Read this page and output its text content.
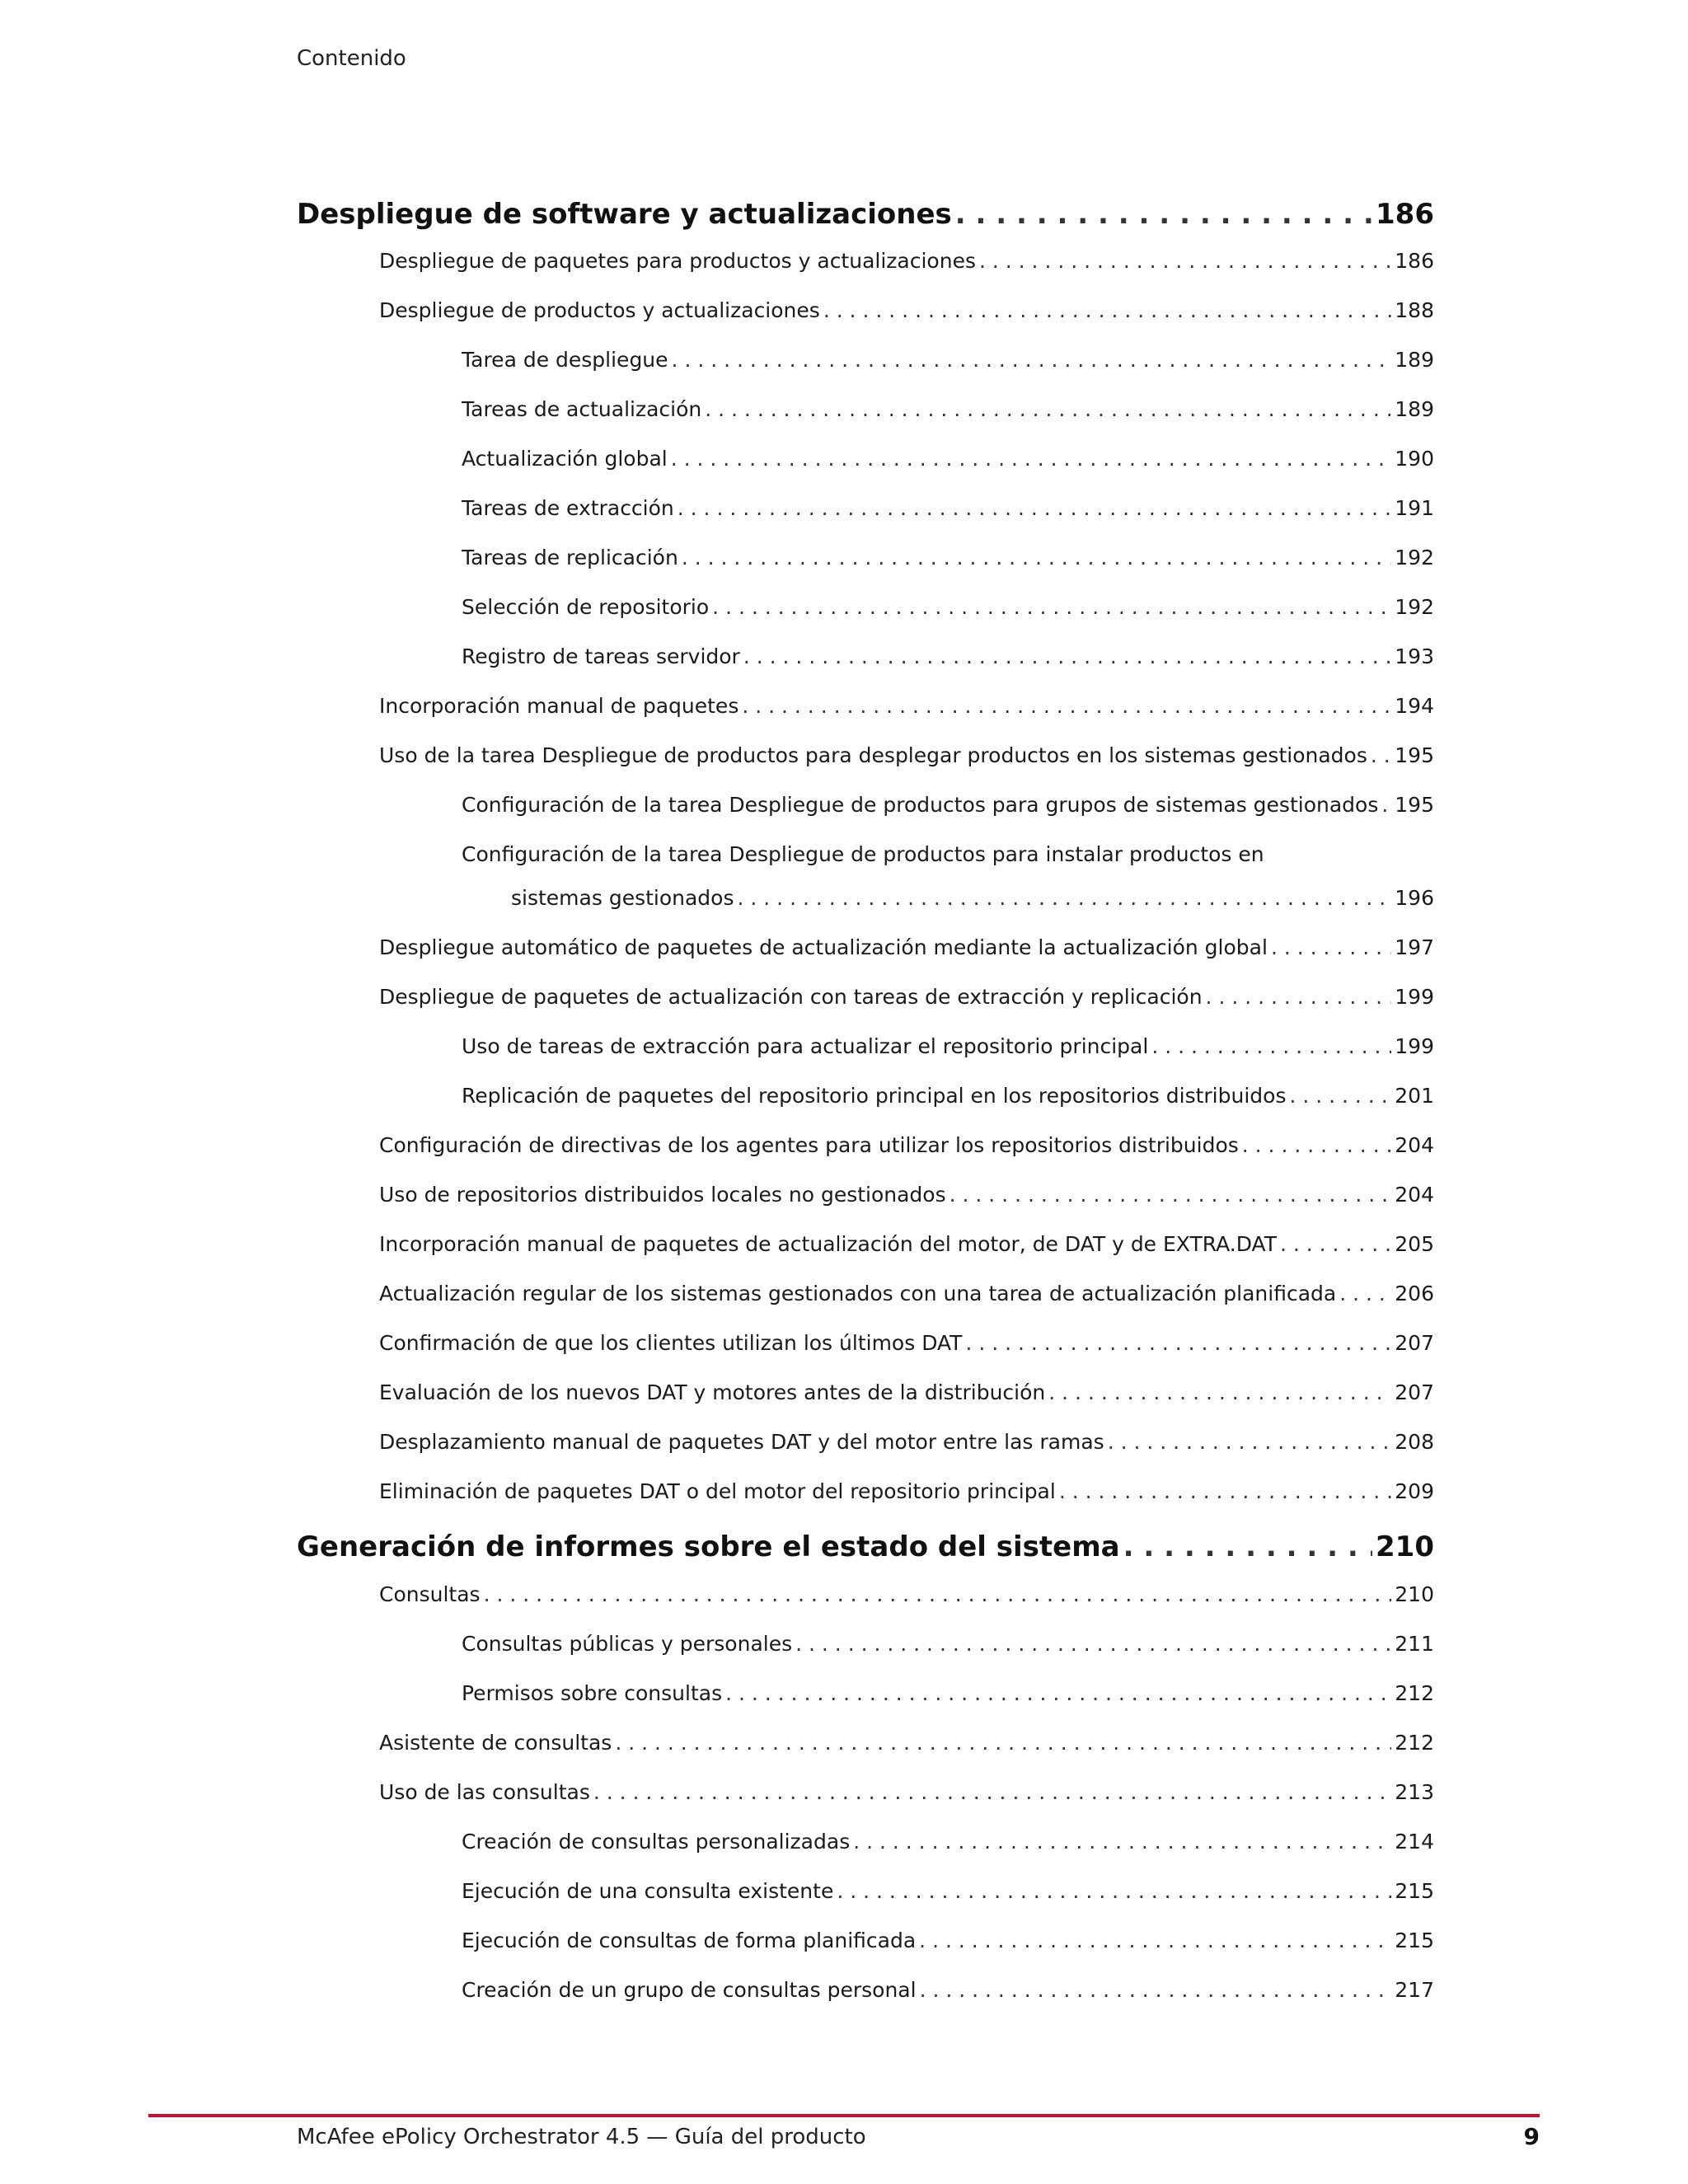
Contenido
Despliegue de software y actualizaciones . . .	186
Despliegue de paquetes para productos y actualizaciones . . .	186
Despliegue de productos y actualizaciones . . .	188
Tarea de despliegue . . .	189
Tareas de actualización . . .	189
Actualización global . . .	190
Tareas de extracción . . .	191
Tareas de replicación . . .	192
Selección de repositorio . . .	192
Registro de tareas servidor . . .	193
Incorporación manual de paquetes . . .	194
Uso de la tarea Despliegue de productos para desplegar productos en los sistemas gestionados . . . 195
Configuración de la tarea Despliegue de productos para grupos de sistemas gestionados . . . 195
Configuración de la tarea Despliegue de productos para instalar productos en
sistemas gestionados . . .	196
Despliegue automático de paquetes de actualización mediante la actualización global . . .	197
Despliegue de paquetes de actualización con tareas de extracción y replicación . . .	199
Uso de tareas de extracción para actualizar el repositorio principal . . .	199
Replicación de paquetes del repositorio principal en los repositorios distribuidos . . .	201
Configuración de directivas de los agentes para utilizar los repositorios distribuidos . . .	204
Uso de repositorios distribuidos locales no gestionados . . .	204
Incorporación manual de paquetes de actualización del motor, de DAT y de EXTRA.DAT . . .	205
Actualización regular de los sistemas gestionados con una tarea de actualización planificada . . .	206
Confirmación de que los clientes utilizan los últimos DAT . . .	207
Evaluación de los nuevos DAT y motores antes de la distribución . . .	207
Desplazamiento manual de paquetes DAT y del motor entre las ramas . . .	208
Eliminación de paquetes DAT o del motor del repositorio principal . . .	209
Generación de informes sobre el estado del sistema . . .	210
Consultas . . .	210
Consultas públicas y personales . . .	211
Permisos sobre consultas . . .	212
Asistente de consultas . . .	212
Uso de las consultas . . .	213
Creación de consultas personalizadas . . .	214
Ejecución de una consulta existente . . .	215
Ejecución de consultas de forma planificada . . .	215
Creación de un grupo de consultas personal . . .	217
McAfee ePolicy Orchestrator 4.5 — Guía del producto	9
